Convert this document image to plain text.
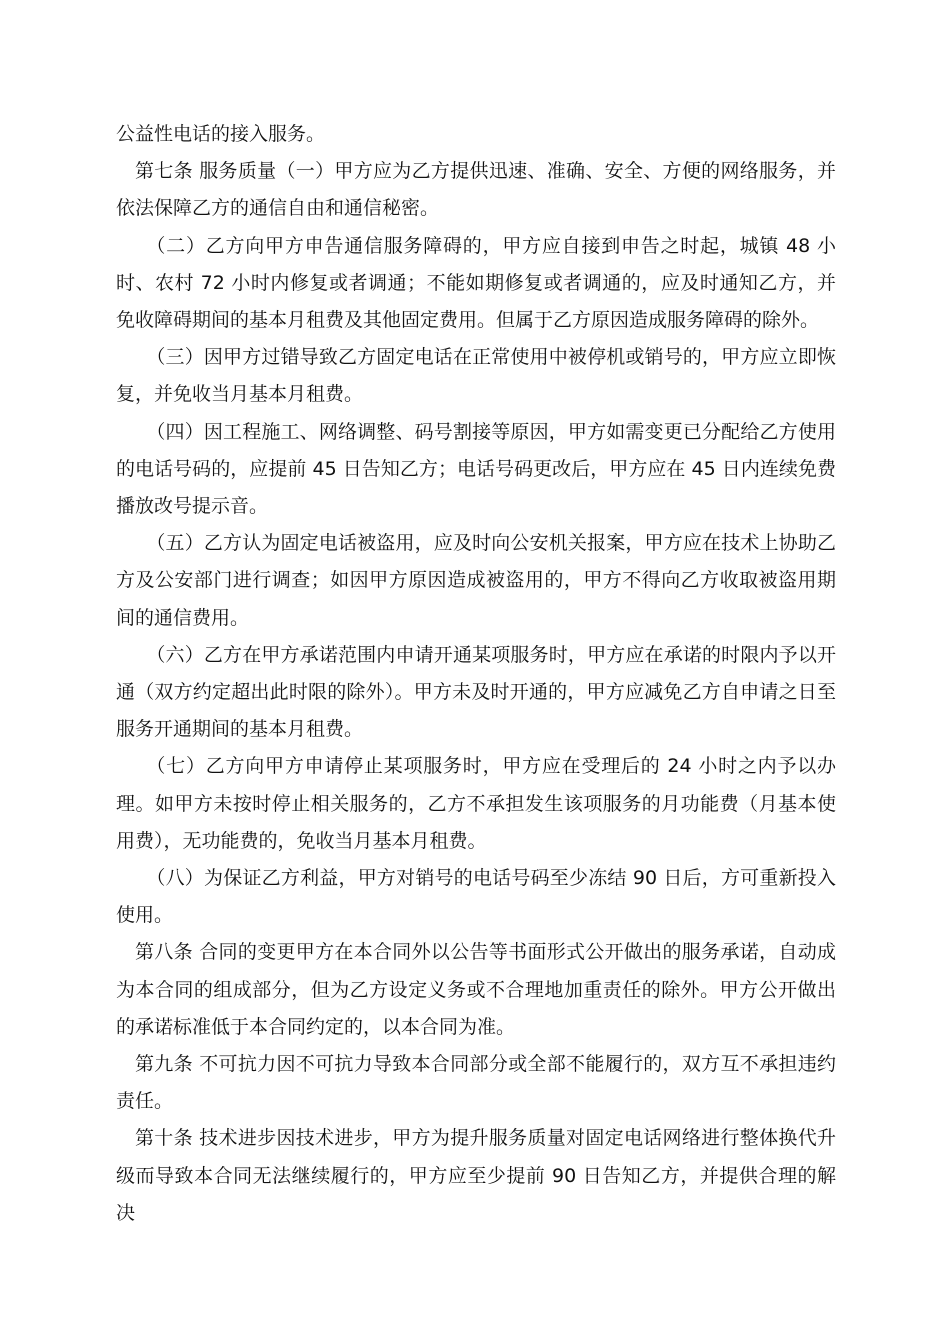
公益性电话的接入服务。

第七条 服务质量（一）甲方应为乙方提供迅速、准确、安全、方便的网络服务，并依法保障乙方的通信自由和通信秘密。

（二）乙方向甲方申告通信服务障碍的，甲方应自接到申告之时起，城镇 48 小时、农村 72 小时内修复或者调通；不能如期修复或者调通的，应及时通知乙方，并免收障碍期间的基本月租费及其他固定费用。但属于乙方原因造成服务障碍的除外。

（三）因甲方过错导致乙方固定电话在正常使用中被停机或销号的，甲方应立即恢复，并免收当月基本月租费。

（四）因工程施工、网络调整、码号割接等原因，甲方如需变更已分配给乙方使用的电话号码的，应提前 45 日告知乙方；电话号码更改后，甲方应在 45 日内连续免费播放改号提示音。

（五）乙方认为固定电话被盗用，应及时向公安机关报案，甲方应在技术上协助乙方及公安部门进行调查；如因甲方原因造成被盗用的，甲方不得向乙方收取被盗用期间的通信费用。

（六）乙方在甲方承诺范围内申请开通某项服务时，甲方应在承诺的时限内予以开通（双方约定超出此时限的除外）。甲方未及时开通的，甲方应减免乙方自申请之日至服务开通期间的基本月租费。

（七）乙方向甲方申请停止某项服务时，甲方应在受理后的 24 小时之内予以办理。如甲方未按时停止相关服务的，乙方不承担发生该项服务的月功能费（月基本使用费），无功能费的，免收当月基本月租费。

（八）为保证乙方利益，甲方对销号的电话号码至少冻结 90 日后，方可重新投入使用。

第八条 合同的变更甲方在本合同外以公告等书面形式公开做出的服务承诺，自动成为本合同的组成部分，但为乙方设定义务或不合理地加重责任的除外。甲方公开做出的承诺标准低于本合同约定的，以本合同为准。

第九条 不可抗力因不可抗力导致本合同部分或全部不能履行的，双方互不承担违约责任。

第十条 技术进步因技术进步，甲方为提升服务质量对固定电话网络进行整体换代升级而导致本合同无法继续履行的，甲方应至少提前 90 日告知乙方，并提供合理的解决
